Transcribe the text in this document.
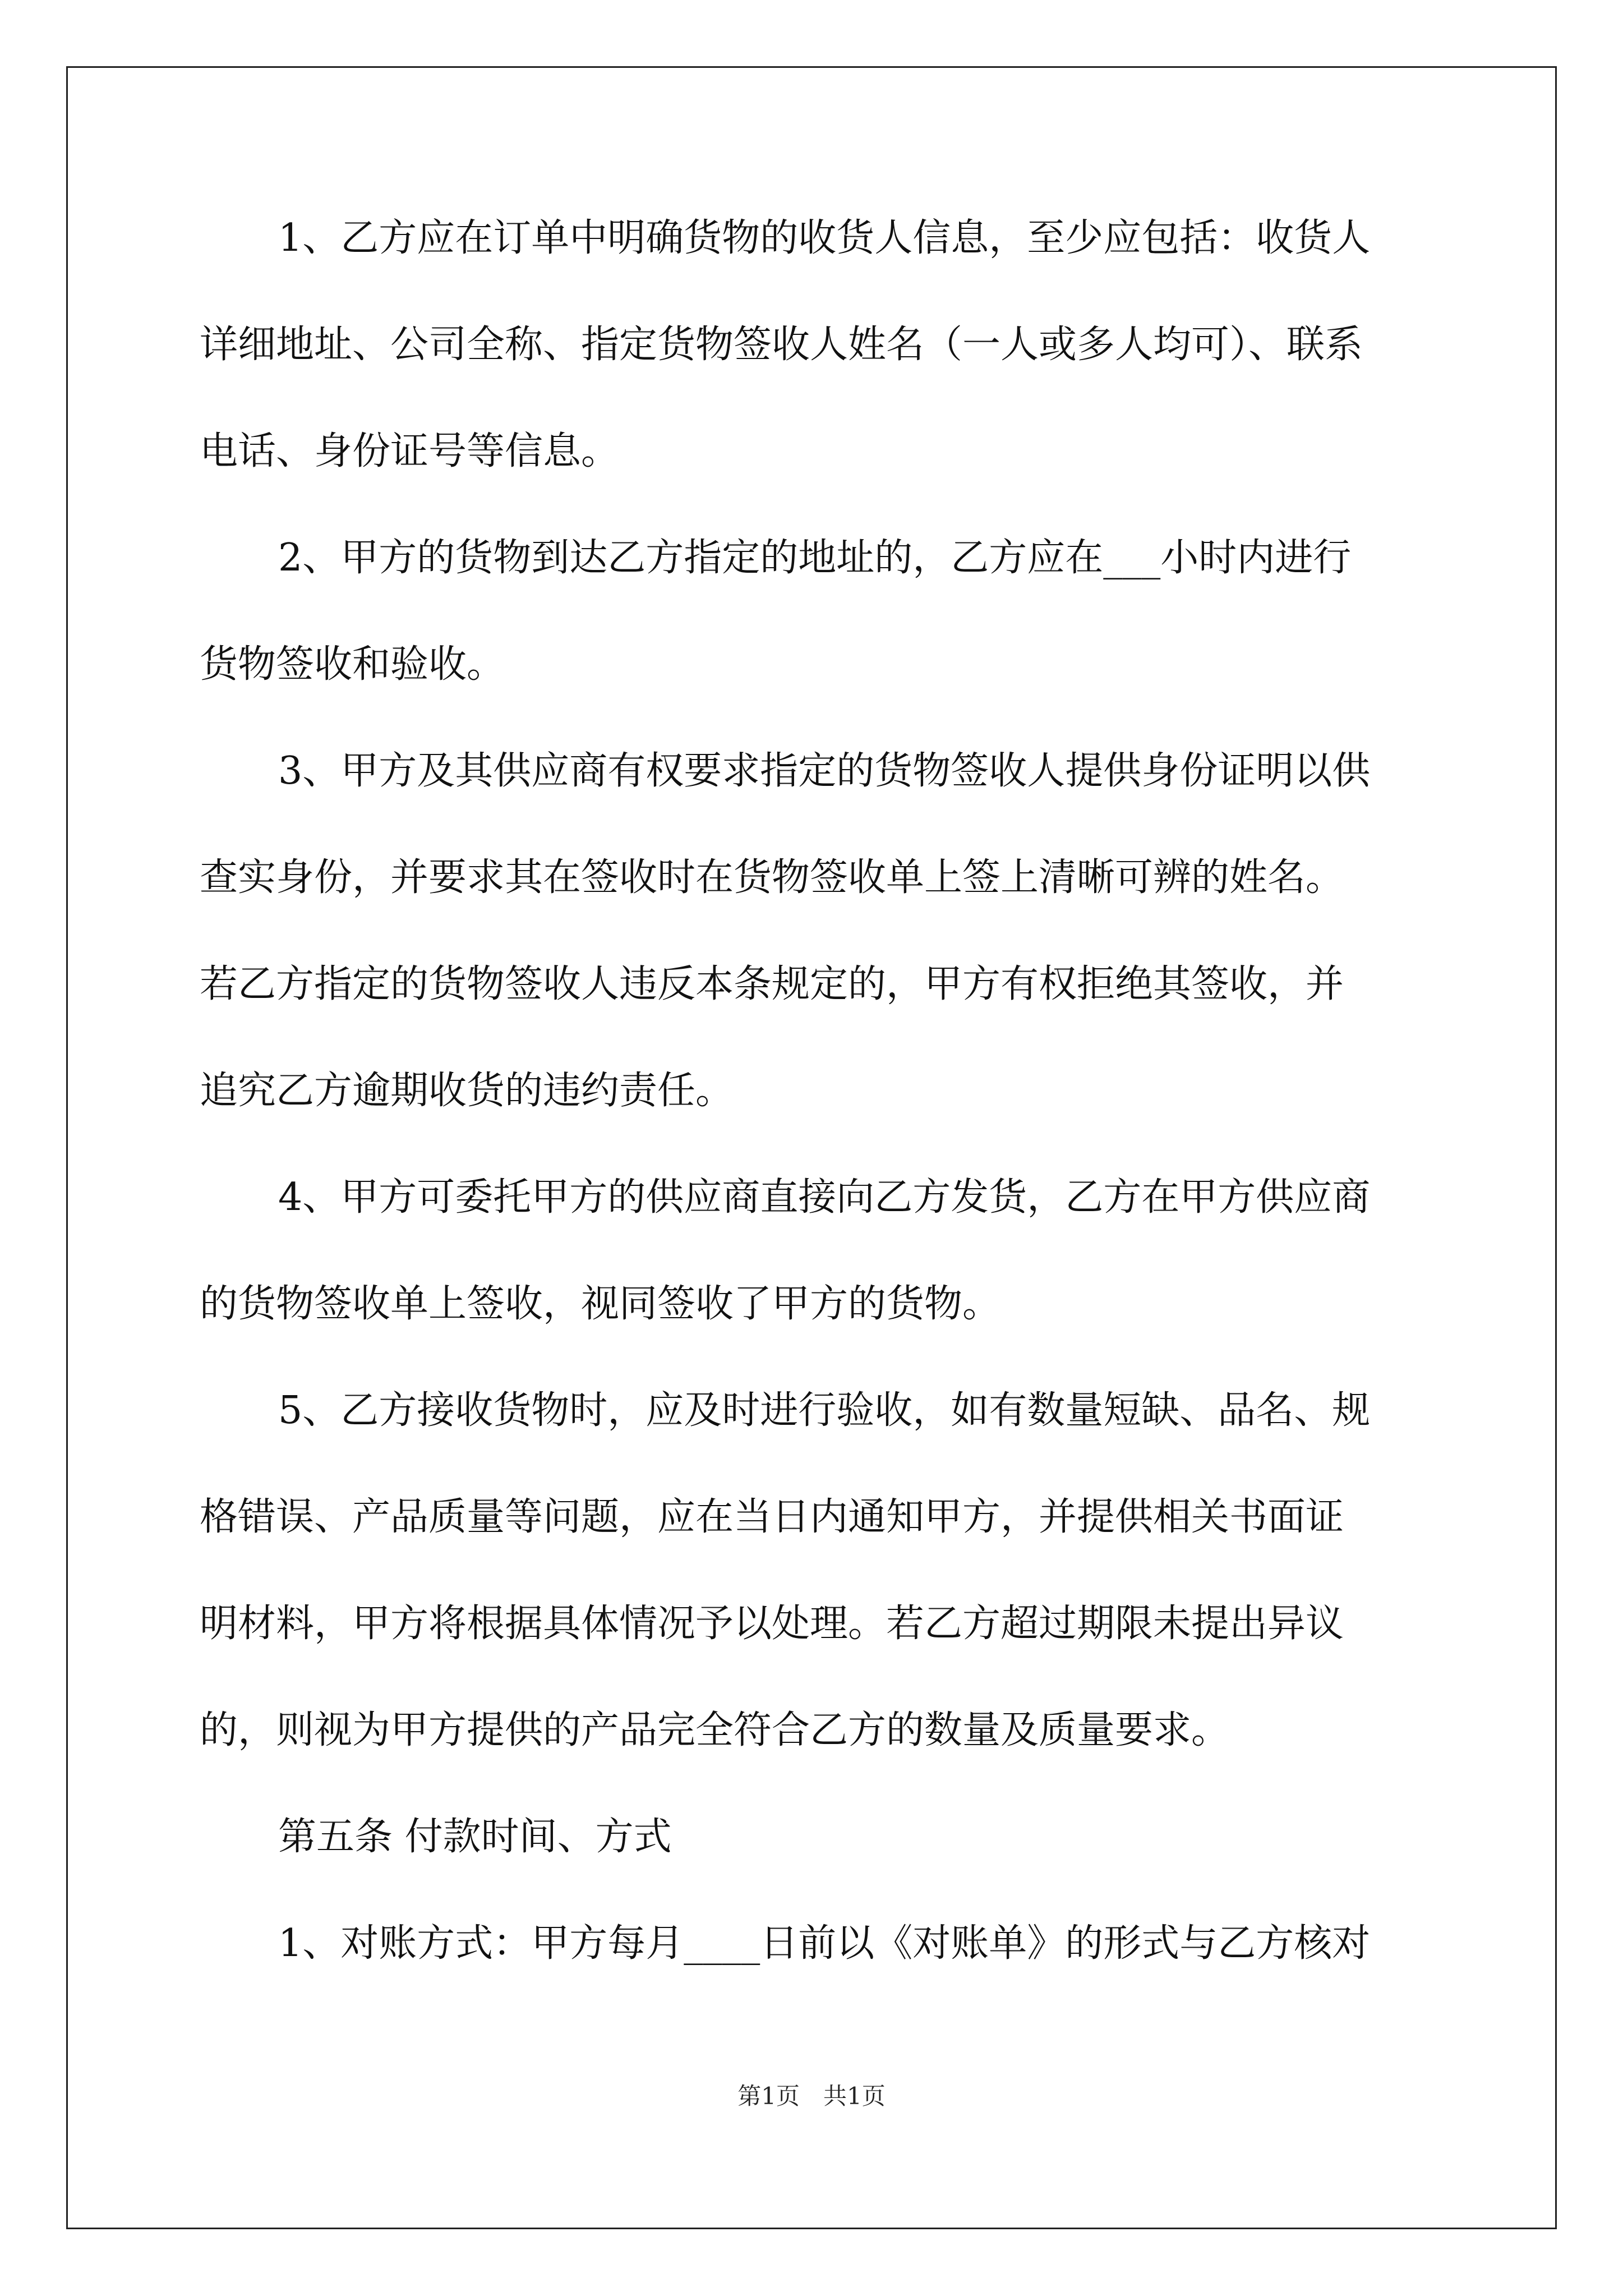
1、乙方应在订单中明确货物的收货人信息，至少应包括：收货人
详细地址、公司全称、指定货物签收人姓名（一人或多人均可）、联系
电话、身份证号等信息。
2、甲方的货物到达乙方指定的地址的，乙方应在___小时内进行
货物签收和验收。
3、甲方及其供应商有权要求指定的货物签收人提供身份证明以供
查实身份，并要求其在签收时在货物签收单上签上清晰可辨的姓名。
若乙方指定的货物签收人违反本条规定的，甲方有权拒绝其签收，并
追究乙方逾期收货的违约责任。
4、甲方可委托甲方的供应商直接向乙方发货，乙方在甲方供应商
的货物签收单上签收，视同签收了甲方的货物。
5、乙方接收货物时，应及时进行验收，如有数量短缺、品名、规
格错误、产品质量等问题，应在当日内通知甲方，并提供相关书面证
明材料，甲方将根据具体情况予以处理。若乙方超过期限未提出异议
的，则视为甲方提供的产品完全符合乙方的数量及质量要求。
第五条 付款时间、方式
1、对账方式：甲方每月____日前以《对账单》的形式与乙方核对
第1页　共1页
